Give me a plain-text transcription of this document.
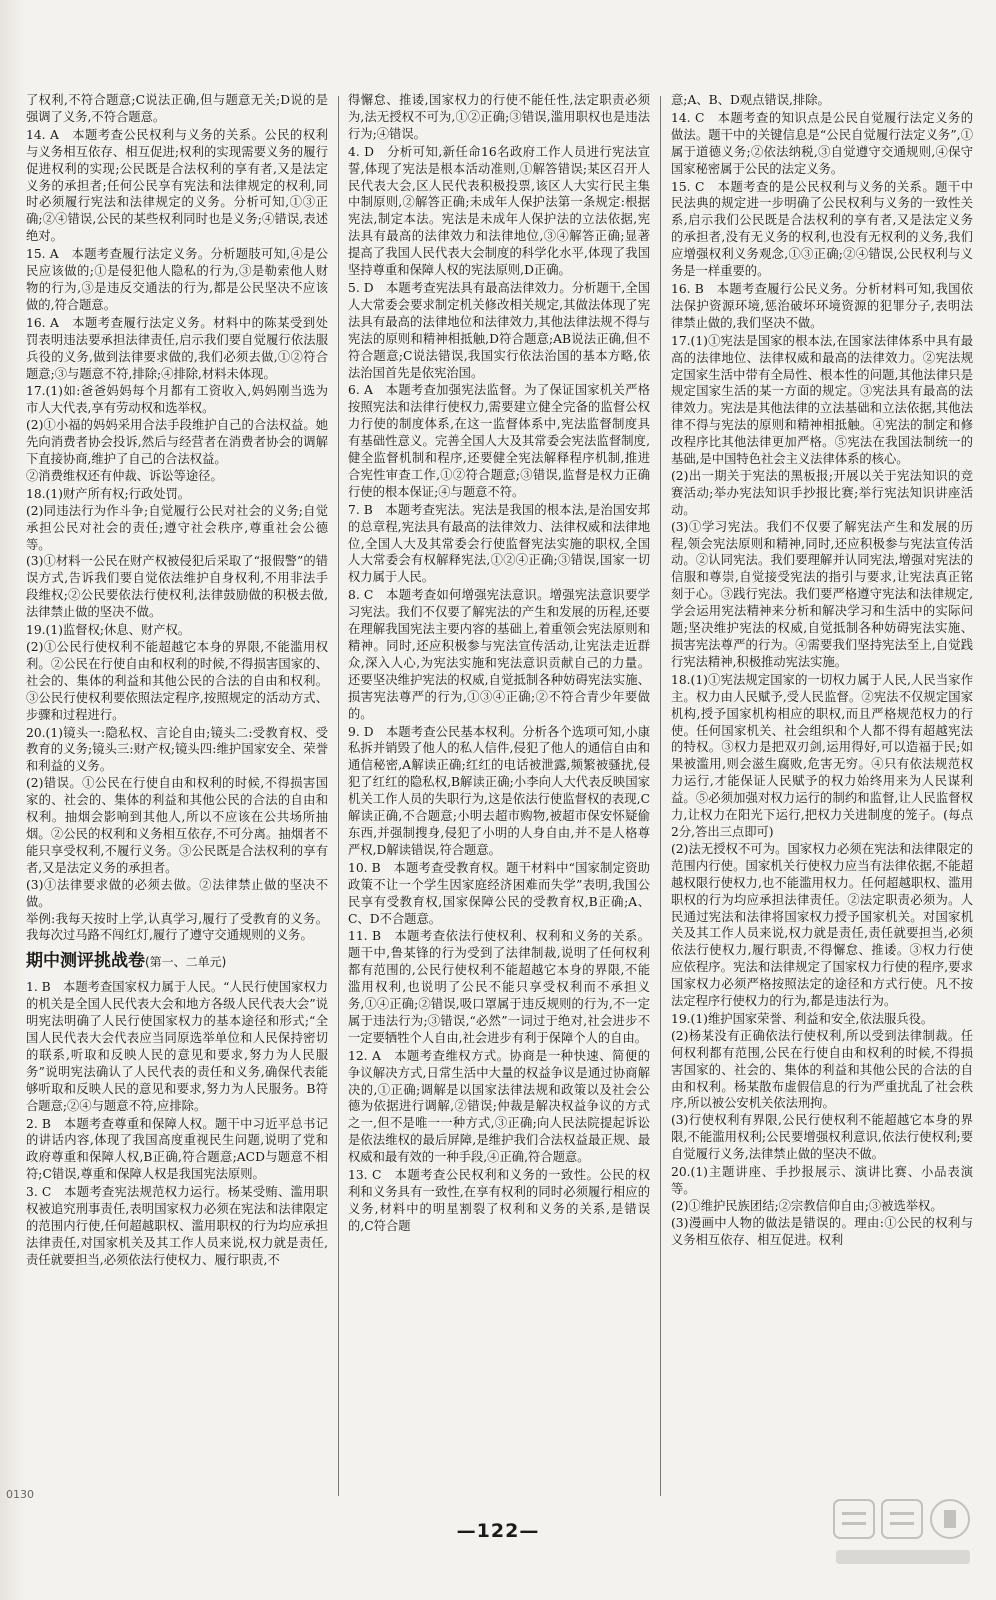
了权利,不符合题意;C说法正确,但与题意无关;D说的是强调了义务,不符合题意。

14. A　本题考查公民权利与义务的关系。公民的权利与义务相互依存、相互促进;权利的实现需要义务的履行促进权利的实现;公民既是合法权利的享有者,又是法定义务的承担者;任何公民享有宪法和法律规定的权利,同时必须履行宪法和法律规定的义务。分析可知,①③正确;②④错误,公民的某些权利同时也是义务;④错误,表述绝对。

15. A　本题考查履行法定义务。分析题肢可知,④是公民应该做的;①是侵犯他人隐私的行为,③是勒索他人财物的行为,③是违反交通法的行为,都是公民坚决不应该做的,符合题意。

16. A　本题考查履行法定义务。材料中的陈某受到处罚表明违法要承担法律责任,启示我们要自觉履行依法服兵役的义务,做到法律要求做的,我们必须去做,①②符合题意;③与题意不符,排除;④排除,材料未体现。

17.(1)如:爸爸妈妈每个月都有工资收入,妈妈刚当选为市人大代表,享有劳动权和选举权。

(2)①小福的妈妈采用合法手段维护自己的合法权益。她先向消费者协会投诉,然后与经营者在消费者协会的调解下直接协商,维护了自己的合法权益。

②消费维权还有仲裁、诉讼等途径。

18.(1)财产所有权;行政处罚。

(2)同违法行为作斗争;自觉履行公民对社会的义务;自觉承担公民对社会的责任;遵守社会秩序,尊重社会公德等。

(3)①材料一公民在财产权被侵犯后采取了“报假警”的错误方式,告诉我们要自觉依法维护自身权利,不用非法手段维权;②公民要依法行使权利,法律鼓励做的积极去做,法律禁止做的坚决不做。

19.(1)监督权;休息、财产权。

(2)①公民行使权利不能超越它本身的界限,不能滥用权利。②公民在行使自由和权利的时候,不得损害国家的、社会的、集体的利益和其他公民的合法的自由和权利。③公民行使权利要依照法定程序,按照规定的活动方式、步骤和过程进行。

20.(1)镜头一:隐私权、言论自由;镜头二:受教育权、受教育的义务;镜头三:财产权;镜头四:维护国家安全、荣誉和利益的义务。

(2)错误。①公民在行使自由和权利的时候,不得损害国家的、社会的、集体的利益和其他公民的合法的自由和权利。抽烟会影响到其他人,所以不应该在公共场所抽烟。②公民的权利和义务相互依存,不可分离。抽烟者不能只享受权利,不履行义务。③公民既是合法权利的享有者,又是法定义务的承担者。

(3)①法律要求做的必须去做。②法律禁止做的坚决不做。

举例:我每天按时上学,认真学习,履行了受教育的义务。我每次过马路不闯红灯,履行了遵守交通规则的义务。

期中测评挑战卷(第一、二单元)

1. B　本题考查国家权力属于人民。“人民行使国家权力的机关是全国人民代表大会和地方各级人民代表大会”说明宪法明确了人民行使国家权力的基本途径和形式;“全国人民代表大会代表应当同原选举单位和人民保持密切的联系,听取和反映人民的意见和要求,努力为人民服务”说明宪法确认了人民代表的责任和义务,确保代表能够听取和反映人民的意见和要求,努力为人民服务。B符合题意;②④与题意不符,应排除。

2. B　本题考查尊重和保障人权。题干中习近平总书记的讲话内容,体现了我国高度重视民生问题,说明了党和政府尊重和保障人权,B正确,符合题意;ACD与题意不相符;C错误,尊重和保障人权是我国宪法原则。

3. C　本题考查宪法规范权力运行。杨某受贿、滥用职权被追究刑事责任,表明国家权力必须在宪法和法律限定的范围内行使,任何超越职权、滥用职权的行为均应承担法律责任,对国家机关及其工作人员来说,权力就是责任,责任就要担当,必须依法行使权力、履行职责,不

得懈怠、推诿,国家权力的行使不能任性,法定职责必须为,法无授权不可为,①②正确;③错误,滥用职权也是违法行为;④错误。

4. D　分析可知,新任命16名政府工作人员进行宪法宣誓,体现了宪法是根本活动准则,①解答错误;某区召开人民代表大会,区人民代表积极投票,该区人大实行民主集中制原则,②解答正确;未成年人保护法第一条规定:根据宪法,制定本法。宪法是未成年人保护法的立法依据,宪法具有最高的法律效力和法律地位,③④解答正确;显著提高了我国人民代表大会制度的科学化水平,体现了我国坚持尊重和保障人权的宪法原则,D正确。

5. D　本题考查宪法具有最高法律效力。分析题干,全国人大常委会要求制定机关修改相关规定,其做法体现了宪法具有最高的法律地位和法律效力,其他法律法规不得与宪法的原则和精神相抵触,D符合题意;AB说法正确,但不符合题意;C说法错误,我国实行依法治国的基本方略,依法治国首先是依宪治国。

6. A　本题考查加强宪法监督。为了保证国家机关严格按照宪法和法律行使权力,需要建立健全完备的监督公权力行使的制度体系,在这一监督体系中,宪法监督制度具有基础性意义。完善全国人大及其常委会宪法监督制度,健全监督机制和程序,还要健全宪法解释程序机制,推进合宪性审查工作,①②符合题意;③错误,监督是权力正确行使的根本保证;④与题意不符。

7. B　本题考查宪法。宪法是我国的根本法,是治国安邦的总章程,宪法具有最高的法律效力、法律权威和法律地位,全国人大及其常委会行使监督宪法实施的职权,全国人大常委会有权解释宪法,①②④正确;③错误,国家一切权力属于人民。

8. C　本题考查如何增强宪法意识。增强宪法意识要学习宪法。我们不仅要了解宪法的产生和发展的历程,还要在理解我国宪法主要内容的基础上,着重领会宪法原则和精神。同时,还应积极参与宪法宣传活动,让宪法走近群众,深入人心,为宪法实施和宪法意识贡献自己的力量。还要坚决维护宪法的权威,自觉抵制各种妨碍宪法实施、损害宪法尊严的行为,①③④正确;②不符合青少年要做的。

9. D　本题考查公民基本权利。分析各个选项可知,小康私拆并销毁了他人的私人信件,侵犯了他人的通信自由和通信秘密,A解读正确;红红的电话被泄露,频繁被骚扰,侵犯了红红的隐私权,B解读正确;小李向人大代表反映国家机关工作人员的失职行为,这是依法行使监督权的表现,C解读正确,不合题意;小明去超市购物,被超市保安怀疑偷东西,并强制搜身,侵犯了小明的人身自由,并不是人格尊严权,D解读错误,符合题意。

10. B　本题考查受教育权。题干材料中“国家制定资助政策不让一个学生因家庭经济困难而失学”表明,我国公民享有受教育权,国家保障公民的受教育权,B正确;A、C、D不合题意。

11. B　本题考查依法行使权利、权利和义务的关系。题干中,鲁某锋的行为受到了法律制裁,说明了任何权利都有范围的,公民行使权利不能超越它本身的界限,不能滥用权利,也说明了公民不能只享受权利而不承担义务,①④正确;②错误,吸口罩属于违反规则的行为,不一定属于违法行为;③错误,“必然”一词过于绝对,社会进步不一定要牺牲个人自由,社会进步有利于保障个人的自由。

12. A　本题考查维权方式。协商是一种快速、简便的争议解决方式,日常生活中大量的权益争议是通过协商解决的,①正确;调解是以国家法律法规和政策以及社会公德为依据进行调解,②错误;仲裁是解决权益争议的方式之一,但不是唯一一种方式,③正确;向人民法院提起诉讼是依法维权的最后屏障,是维护我们合法权益最正规、最权威和最有效的一种手段,④正确,符合题意。

13. C　本题考查公民权利和义务的一致性。公民的权利和义务具有一致性,在享有权利的同时必须履行相应的义务,材料中的明星割裂了权利和义务的关系,是错误的,C符合题

意;A、B、D观点错误,排除。

14. C　本题考查的知识点是公民自觉履行法定义务的做法。题干中的关键信息是“公民自觉履行法定义务”,①属于道德义务;②依法纳税,③自觉遵守交通规则,④保守国家秘密属于公民的法定义务。

15. C　本题考查的是公民权利与义务的关系。题干中民法典的规定进一步明确了公民权利与义务的一致性关系,启示我们公民既是合法权利的享有者,又是法定义务的承担者,没有无义务的权利,也没有无权利的义务,我们应增强权利义务观念,①③正确;②④错误,公民权利与义务是一样重要的。

16. B　本题考查履行公民义务。分析材料可知,我国依法保护资源环境,惩治破坏环境资源的犯罪分子,表明法律禁止做的,我们坚决不做。

17.(1)①宪法是国家的根本法,在国家法律体系中具有最高的法律地位、法律权威和最高的法律效力。②宪法规定国家生活中带有全局性、根本性的问题,其他法律只是规定国家生活的某一方面的规定。③宪法具有最高的法律效力。宪法是其他法律的立法基础和立法依据,其他法律不得与宪法的原则和精神相抵触。④宪法的制定和修改程序比其他法律更加严格。⑤宪法在我国法制统一的基础,是中国特色社会主义法律体系的核心。

(2)出一期关于宪法的黑板报;开展以关于宪法知识的竞赛活动;举办宪法知识手抄报比赛;举行宪法知识讲座活动。

(3)①学习宪法。我们不仅要了解宪法产生和发展的历程,领会宪法原则和精神,同时,还应积极参与宪法宣传活动。②认同宪法。我们要理解并认同宪法,增强对宪法的信服和尊崇,自觉接受宪法的指引与要求,让宪法真正铭刻于心。③践行宪法。我们要严格遵守宪法和法律规定,学会运用宪法精神来分析和解决学习和生活中的实际问题;坚决维护宪法的权威,自觉抵制各种妨碍宪法实施、损害宪法尊严的行为。④需要我们坚持宪法至上,自觉践行宪法精神,积极推动宪法实施。

18.(1)①宪法规定国家的一切权力属于人民,人民当家作主。权力由人民赋予,受人民监督。②宪法不仅规定国家机构,授予国家机构相应的职权,而且严格规范权力的行使。任何国家机关、社会组织和个人都不得有超越宪法的特权。③权力是把双刃剑,运用得好,可以造福于民;如果被滥用,则会滋生腐败,危害无穷。④只有依法规范权力运行,才能保证人民赋予的权力始终用来为人民谋利益。⑤必须加强对权力运行的制约和监督,让人民监督权力,让权力在阳光下运行,把权力关进制度的笼子。(每点2分,答出三点即可)

(2)法无授权不可为。国家权力必须在宪法和法律限定的范围内行使。国家机关行使权力应当有法律依据,不能超越权限行使权力,也不能滥用权力。任何超越职权、滥用职权的行为均应承担法律责任。②法定职责必须为。人民通过宪法和法律将国家权力授予国家机关。对国家机关及其工作人员来说,权力就是责任,责任就要担当,必须依法行使权力,履行职责,不得懈怠、推诿。③权力行使应依程序。宪法和法律规定了国家权力行使的程序,要求国家权力必须严格按照法定的途径和方式行使。凡不按法定程序行使权力的行为,都是违法行为。

19.(1)维护国家荣誉、利益和安全,依法服兵役。

(2)杨某没有正确依法行使权利,所以受到法律制裁。任何权利都有范围,公民在行使自由和权利的时候,不得损害国家的、社会的、集体的利益和其他公民的合法的自由和权利。杨某散布虚假信息的行为严重扰乱了社会秩序,所以被公安机关依法刑拘。

(3)行使权利有界限,公民行使权利不能超越它本身的界限,不能滥用权利;公民要增强权利意识,依法行使权利;要自觉履行义务,法律禁止做的坚决不做。

20.(1)主题讲座、手抄报展示、演讲比赛、小品表演等。

(2)①维护民族团结;②宗教信仰自由;③被选举权。

(3)漫画中人物的做法是错误的。理由:①公民的权利与义务相互依存、相互促进。权利

0130
—122—
